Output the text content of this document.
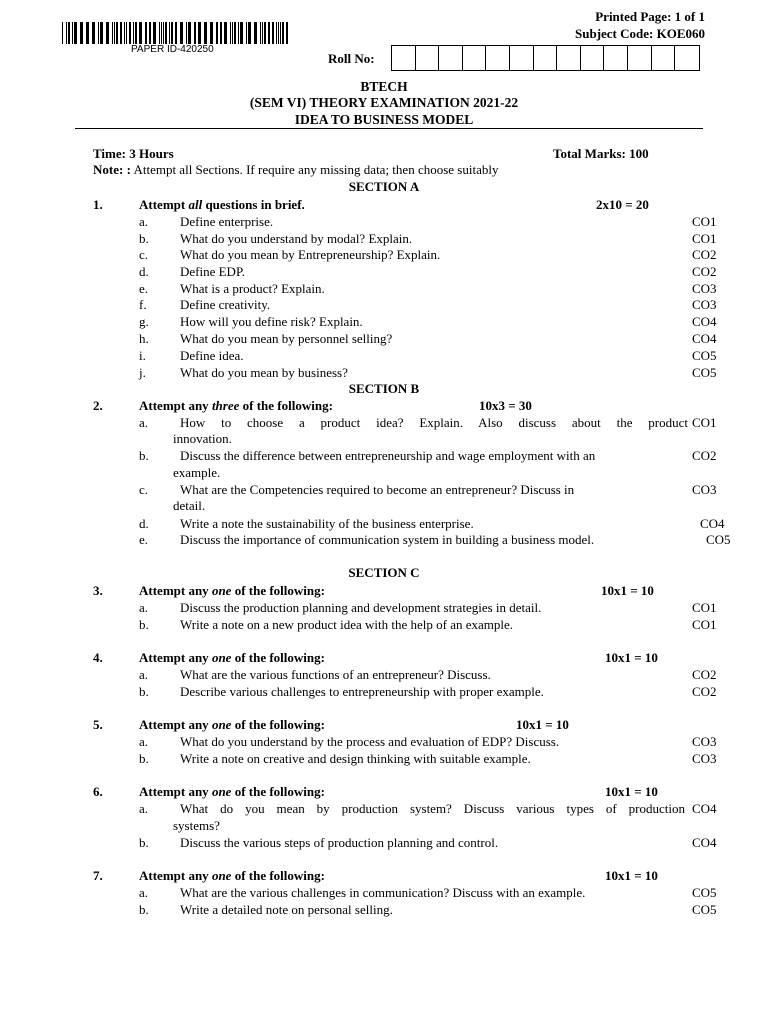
PAPER ID-420250
Printed Page: 1 of 1
Subject Code: KOE060
Roll No:
BTECH
(SEM VI) THEORY EXAMINATION 2021-22
IDEA TO BUSINESS MODEL
Time: 3 Hours	Total Marks: 100
Note: : Attempt all Sections. If require any missing data; then choose suitably
SECTION A
1.	Attempt all questions in brief.	2x10 = 20
a. Define enterprise.	CO1
b. What do you understand by modal? Explain.	CO1
c. What do you mean by Entrepreneurship? Explain.	CO2
d. Define EDP.	CO2
e. What is a product? Explain.	CO3
f.	Define creativity.	CO3
g. How will you define risk? Explain.	CO4
h. What do you mean by personnel selling?	CO4
i.	Define idea.	CO5
j.	What do you mean by business?	CO5
SECTION B
2.	Attempt any three of the following:	10x3 = 30
a. How to choose a product idea? Explain. Also discuss about the product CO1
innovation.
b. Discuss the difference between entrepreneurship and wage employment with an	CO2
example.
c. What are the Competencies required to become an entrepreneur? Discuss in	CO3
detail.
d. Write a note the sustainability of the business enterprise.	CO4
e. Discuss the importance of communication system in building a business model.	CO5
SECTION C
3.	Attempt any one of the following:	10x1 = 10
a. Discuss the production planning and development strategies in detail.	CO1
b. Write a note on a new product idea with the help of an example.	CO1
4.	Attempt any one of the following:	10x1 = 10
a. What are the various functions of an entrepreneur? Discuss.	CO2
b. Describe various challenges to entrepreneurship with proper example.	CO2
5.	Attempt any one of the following:	10x1 = 10
a. What do you understand by the process and evaluation of EDP? Discuss.	CO3
b. Write a note on creative and design thinking with suitable example.	CO3
6.	Attempt any one of the following:	10x1 = 10
a. What do you mean by production system? Discuss various types of production CO4
systems?
b. Discuss the various steps of production planning and control.	CO4
7.	Attempt any one of the following:	10x1 = 10
a. What are the various challenges in communication? Discuss with an example.	CO5
b. Write a detailed note on personal selling.	CO5
